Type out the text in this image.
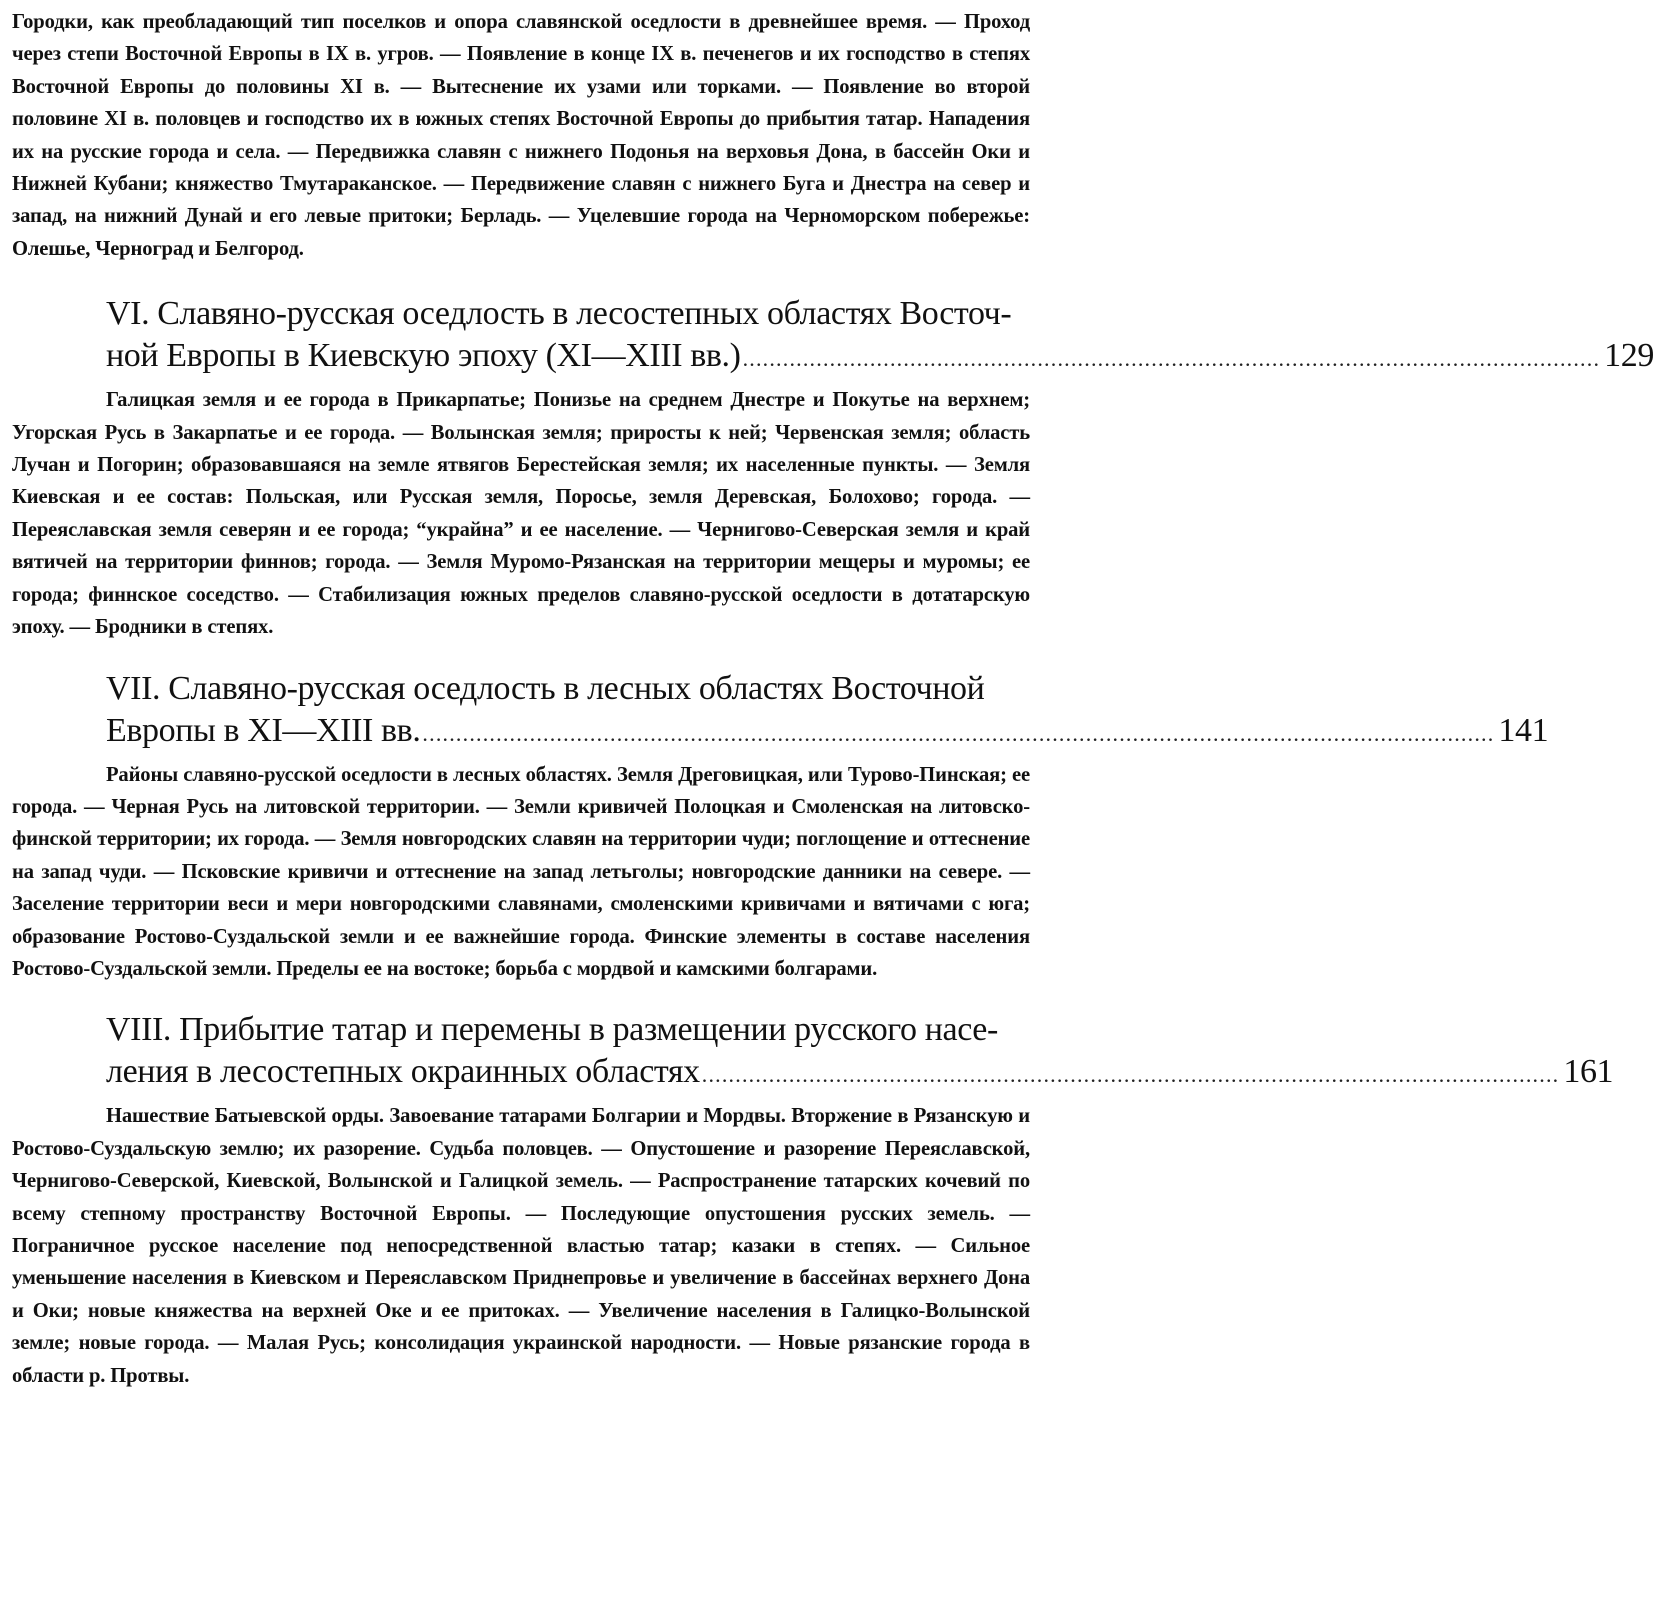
Городки, как преобладающий тип поселков и опора славянской оседлости в древнейшее время. — Проход через степи Восточной Европы в IX в. угров. — Появление в конце IX в. печенегов и их господство в степях Восточной Европы до половины XI в. — Вытеснение их узами или торками. — Появление во второй половине XI в. половцев и господство их в южных степях Восточной Европы до прибытия татар. Нападения их на русские города и села. — Передвижка славян с нижнего Подонья на верховья Дона, в бассейн Оки и Нижней Кубани; княжество Тмутараканское. — Передвижение славян с нижнего Буга и Днестра на север и запад, на нижний Дунай и его левые притоки; Берладь. — Уцелевшие города на Черноморском побережье: Олешье, Черноград и Белгород.

VI. Славяно-русская оседлость в лесостепных областях Восточ-
ной Европы в Киевскую эпоху (XI—XIII вв.) ................................................................................................................................ 129

Галицкая земля и ее города в Прикарпатье; Понизье на среднем Днестре и Покутье на верхнем; Угорская Русь в Закарпатье и ее города. — Волынская земля; приросты к ней; Червенская земля; область Лучан и Погорин; образовавшаяся на земле ятвягов Берестейская земля; их населенные пункты. — Земля Киевская и ее состав: Польская, или Русская земля, Поросье, земля Деревская, Болохово; города. — Переяславская земля северян и ее города; “украйна” и ее население. — Чернигово-Северская земля и край вятичей на территории финнов; города. — Земля Муромо-Рязанская на территории мещеры и муромы; ее города; финнское соседство. — Стабилизация южных пределов славяно-русской оседлости в дотатарскую эпоху. — Бродники в степях.

VII. Славяно-русская оседлость в лесных областях Восточной
Европы в XI—XIII вв. ................................................................................................................................................................ 141

Районы славяно-русской оседлости в лесных областях. Земля Дреговицкая, или Турово-Пинская; ее города. — Черная Русь на литовской территории. — Земли кривичей Полоцкая и Смоленская на литовско-финской территории; их города. — Земля новгородских славян на территории чуди; поглощение и оттеснение на запад чуди. — Псковские кривичи и оттеснение на запад летьголы; новгородские данники на севере. — Заселение территории веси и мери новгородскими славянами, смоленскими кривичами и вятичами с юга; образование Ростово-Суздальской земли и ее важнейшие города. Финские элементы в составе населения Ростово-Суздальской земли. Пределы ее на востоке; борьба с мордвой и камскими болгарами.

VIII. Прибытие татар и перемены в размещении русского насе-
ления в лесостепных окраинных областях ................................................................................................................................ 161

Нашествие Батыевской орды. Завоевание татарами Болгарии и Мордвы. Вторжение в Рязанскую и Ростово-Суздальскую землю; их разорение. Судьба половцев. — Опустошение и разорение Переяславской, Чернигово-Северской, Киевской, Волынской и Галицкой земель. — Распространение татарских кочевий по всему степному пространству Восточной Европы. — Последующие опустошения русских земель. — Пограничное русское население под непосредственной властью татар; казаки в степях. — Сильное уменьшение населения в Киевском и Переяславском Приднепровье и увеличение в бассейнах верхнего Дона и Оки; новые княжества на верхней Оке и ее притоках. — Увеличение населения в Галицко-Волынской земле; новые города. — Малая Русь; консолидация украинской народности. — Новые рязанские города в области р. Протвы.
